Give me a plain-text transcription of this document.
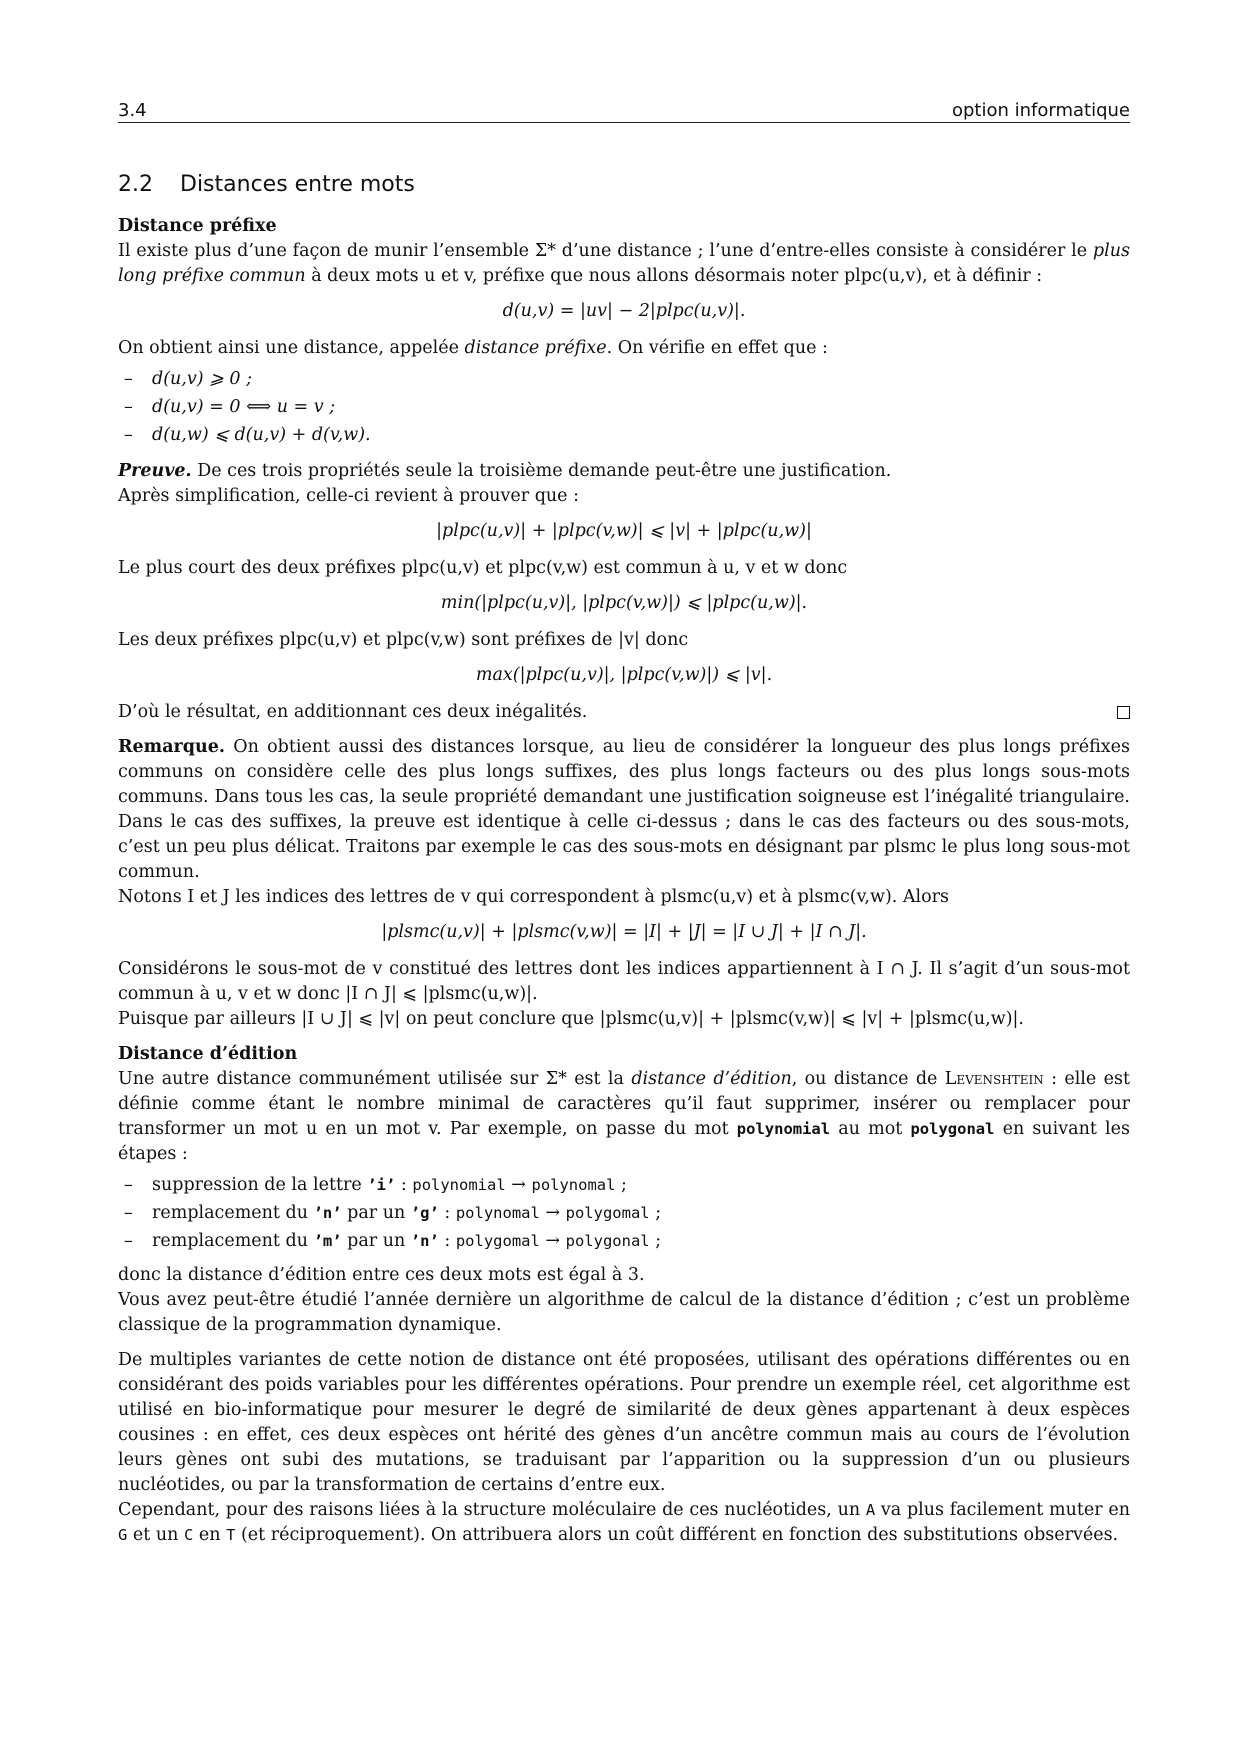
3.4	option informatique
2.2 Distances entre mots
Distance préfixe

Il existe plus d’une façon de munir l’ensemble Σ* d’une distance ; l’une d’entre-elles consiste à considérer le plus long préfixe commun à deux mots u et v, préfixe que nous allons désormais noter plpc(u,v), et à définir :

d(u,v) = |uv| − 2|plpc(u,v)|.

On obtient ainsi une distance, appelée distance préfixe. On vérifie en effet que :

– d(u,v) ⩾ 0 ;
– d(u,v) = 0 ⟺ u = v ;
– d(u,w) ⩽ d(u,v) + d(v,w).

Preuve. De ces trois propriétés seule la troisième demande peut-être une justification.

Après simplification, celle-ci revient à prouver que :

|plpc(u,v)| + |plpc(v,w)| ⩽ |v| + |plpc(u,w)|

Le plus court des deux préfixes plpc(u,v) et plpc(v,w) est commun à u, v et w donc

min(|plpc(u,v)|, |plpc(v,w)|) ⩽ |plpc(u,w)|.

Les deux préfixes plpc(u,v) et plpc(v,w) sont préfixes de |v| donc

max(|plpc(u,v)|, |plpc(v,w)|) ⩽ |v|.

D’où le résultat, en additionnant ces deux inégalités.

Remarque. On obtient aussi des distances lorsque, au lieu de considérer la longueur des plus longs préfixes communs on considère celle des plus longs suffixes, des plus longs facteurs ou des plus longs sous-mots communs. Dans tous les cas, la seule propriété demandant une justification soigneuse est l’inégalité triangulaire. Dans le cas des suffixes, la preuve est identique à celle ci-dessus ; dans le cas des facteurs ou des sous-mots, c’est un peu plus délicat. Traitons par exemple le cas des sous-mots en désignant par plsmc le plus long sous-mot commun.

Notons I et J les indices des lettres de v qui correspondent à plsmc(u,v) et à plsmc(v,w). Alors

|plsmc(u,v)| + |plsmc(v,w)| = |I| + |J| = |I ∪ J| + |I ∩ J|.

Considérons le sous-mot de v constitué des lettres dont les indices appartiennent à I ∩ J. Il s’agit d’un sous-mot commun à u, v et w donc |I ∩ J| ⩽ |plsmc(u,w)|.

Puisque par ailleurs |I ∪ J| ⩽ |v| on peut conclure que |plsmc(u,v)| + |plsmc(v,w)| ⩽ |v| + |plsmc(u,w)|.

Distance d’édition

Une autre distance communément utilisée sur Σ* est la distance d’édition, ou distance de Levenshtein : elle est définie comme étant le nombre minimal de caractères qu’il faut supprimer, insérer ou remplacer pour transformer un mot u en un mot v. Par exemple, on passe du mot polynomial au mot polygonal en suivant les étapes :

– suppression de la lettre ’i’ : polynomial → polynomal ;
– remplacement du ’n’ par un ’g’ : polynomal → polygomal ;
– remplacement du ’m’ par un ’n’ : polygomal → polygonal ;

donc la distance d’édition entre ces deux mots est égal à 3.

Vous avez peut-être étudié l’année dernière un algorithme de calcul de la distance d’édition ; c’est un problème classique de la programmation dynamique.

De multiples variantes de cette notion de distance ont été proposées, utilisant des opérations différentes ou en considérant des poids variables pour les différentes opérations. Pour prendre un exemple réel, cet algorithme est utilisé en bio-informatique pour mesurer le degré de similarité de deux gènes appartenant à deux espèces cousines : en effet, ces deux espèces ont hérité des gènes d’un ancêtre commun mais au cours de l’évolution leurs gènes ont subi des mutations, se traduisant par l’apparition ou la suppression d’un ou plusieurs nucléotides, ou par la transformation de certains d’entre eux.

Cependant, pour des raisons liées à la structure moléculaire de ces nucléotides, un A va plus facilement muter en G et un C en T (et réciproquement). On attribuera alors un coût différent en fonction des substitutions observées.
